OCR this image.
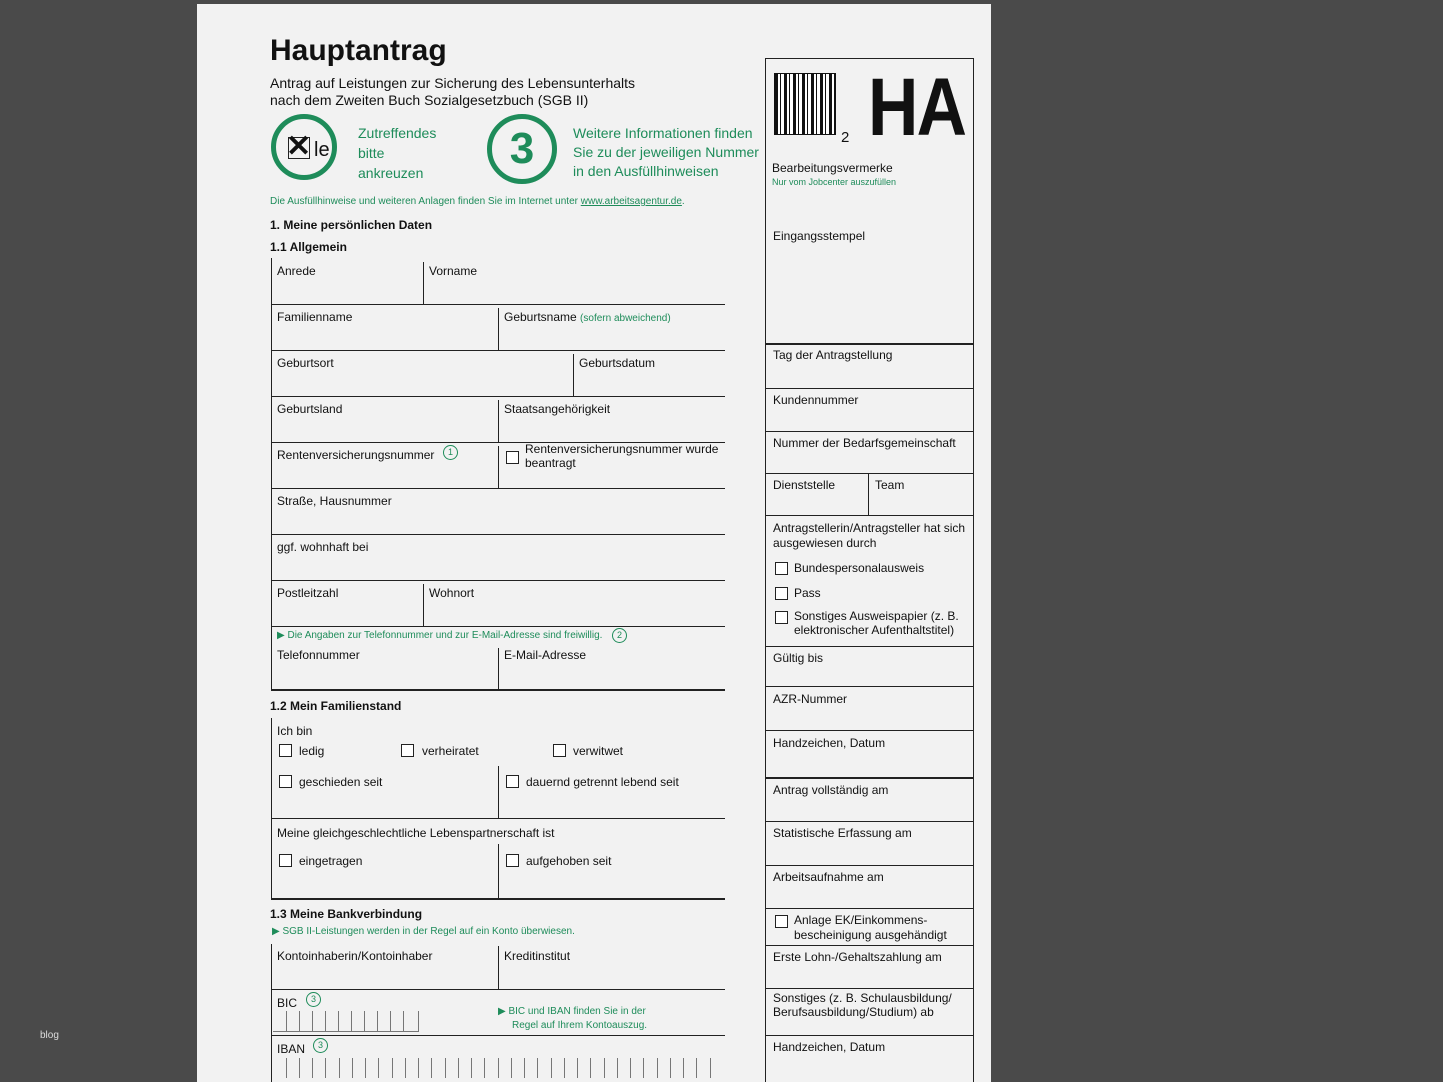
blog
Hauptantrag
Antrag auf Leistungen zur Sicherung des Lebensunterhalts
nach dem Zweiten Buch Sozialgesetzbuch (SGB II)
✕ le
Zutreffendes
bitte
ankreuzen	3	Weitere Informationen finden
Sie zu der jeweiligen Nummer
in den Ausfüllhinweisen
Die Ausfüllhinweise und weiteren Anlagen finden Sie im Internet unter www.arbeitsagentur.de.
1. Meine persönlichen Daten
1.1 Allgemein
Anrede	Vorname
Familienname	Geburtsname (sofern abweichend)
Geburtsort	Geburtsdatum
Geburtsland	Staatsangehörigkeit
Rentenversicherungsnummer	1	Rentenversicherungsnummer wurde
beantragt
Straße, Hausnummer
ggf. wohnhaft bei
Postleitzahl	Wohnort
▶ Die Angaben zur Telefonnummer und zur E-Mail-Adresse sind freiwillig.	2
Telefonnummer	E-Mail-Adresse
1.2 Mein Familienstand
Ich bin
ledig	verheiratet	verwitwet
geschieden seit	dauernd getrennt lebend seit
Meine gleichgeschlechtliche Lebenspartnerschaft ist
eingetragen	aufgehoben seit
1.3 Meine Bankverbindung
▶ SGB II-Leistungen werden in der Regel auf ein Konto überwiesen.
Kontoinhaberin/Kontoinhaber	Kreditinstitut
BIC	3
▶ BIC und IBAN finden Sie in der
Regel auf Ihrem Kontoauszug.
IBAN	3
2 HA
Bearbeitungsvermerke
Nur vom Jobcenter auszufüllen
Eingangsstempel
Tag der Antragstellung
Kundennummer
Nummer der Bedarfsgemeinschaft
Dienststelle	Team
Antragstellerin/Antragsteller hat sich
ausgewiesen durch
Bundespersonalausweis
Pass
Sonstiges Ausweispapier (z. B.
elektronischer Aufenthaltstitel)
Gültig bis
AZR-Nummer
Handzeichen, Datum
Antrag vollständig am
Statistische Erfassung am
Arbeitsaufnahme am
Anlage EK/Einkommens-
bescheinigung ausgehändigt
Erste Lohn-/Gehaltszahlung am
Sonstiges (z. B. Schulausbildung/
Berufsausbildung/Studium) ab
Handzeichen, Datum
